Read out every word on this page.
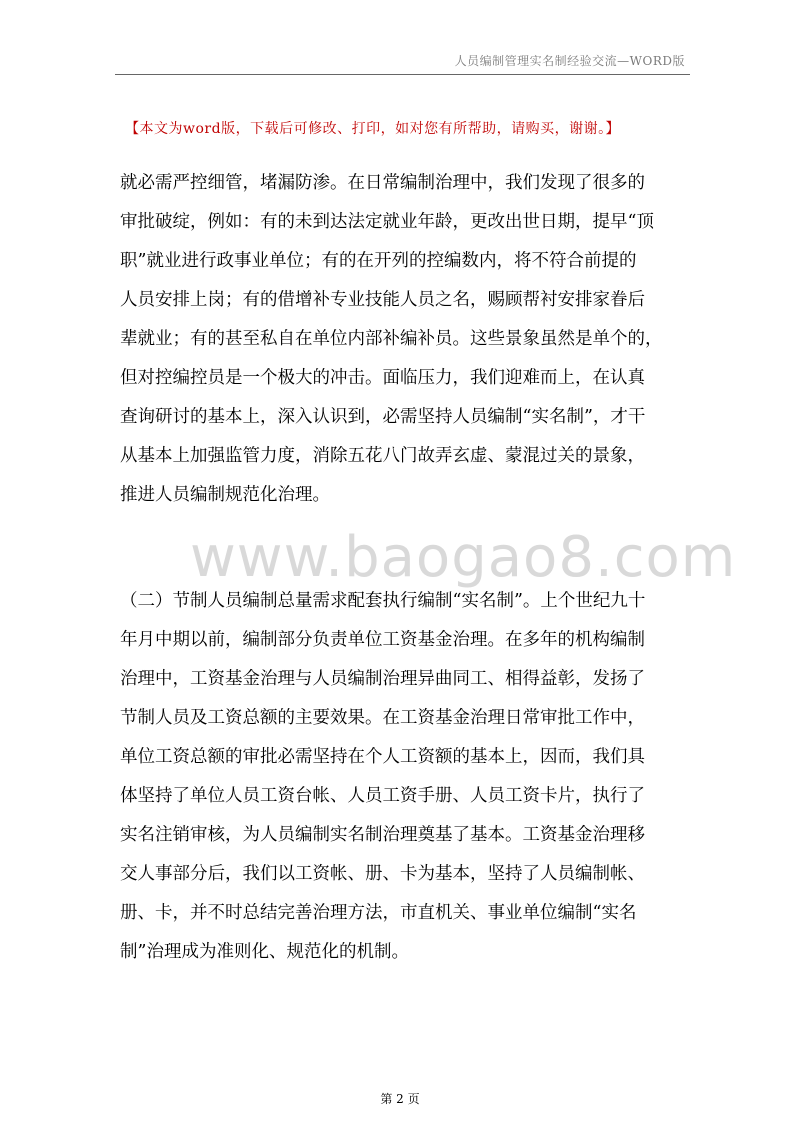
人员编制管理实名制经验交流—WORD版
【本文为word版，下载后可修改、打印，如对您有所帮助，请购买，谢谢。】
就必需严控细管，堵漏防渗。在日常编制治理中，我们发现了很多的
审批破绽，例如：有的未到达法定就业年龄，更改出世日期，提早“顶
职”就业进行政事业单位；有的在开列的控编数内，将不符合前提的
人员安排上岗；有的借增补专业技能人员之名，赐顾帮衬安排家眷后
辈就业；有的甚至私自在单位内部补编补员。这些景象虽然是单个的，
但对控编控员是一个极大的冲击。面临压力，我们迎难而上，在认真
查询研讨的基本上，深入认识到，必需坚持人员编制“实名制”，才干
从基本上加强监管力度，消除五花八门故弄玄虚、蒙混过关的景象，
推进人员编制规范化治理。
www.baogao8.com
（二）节制人员编制总量需求配套执行编制“实名制”。上个世纪九十
年月中期以前，编制部分负责单位工资基金治理。在多年的机构编制
治理中，工资基金治理与人员编制治理异曲同工、相得益彰，发扬了
节制人员及工资总额的主要效果。在工资基金治理日常审批工作中，
单位工资总额的审批必需坚持在个人工资额的基本上，因而，我们具
体坚持了单位人员工资台帐、人员工资手册、人员工资卡片，执行了
实名注销审核，为人员编制实名制治理奠基了基本。工资基金治理移
交人事部分后，我们以工资帐、册、卡为基本，坚持了人员编制帐、
册、卡，并不时总结完善治理方法，市直机关、事业单位编制“实名
制”治理成为准则化、规范化的机制。
第 2 页
